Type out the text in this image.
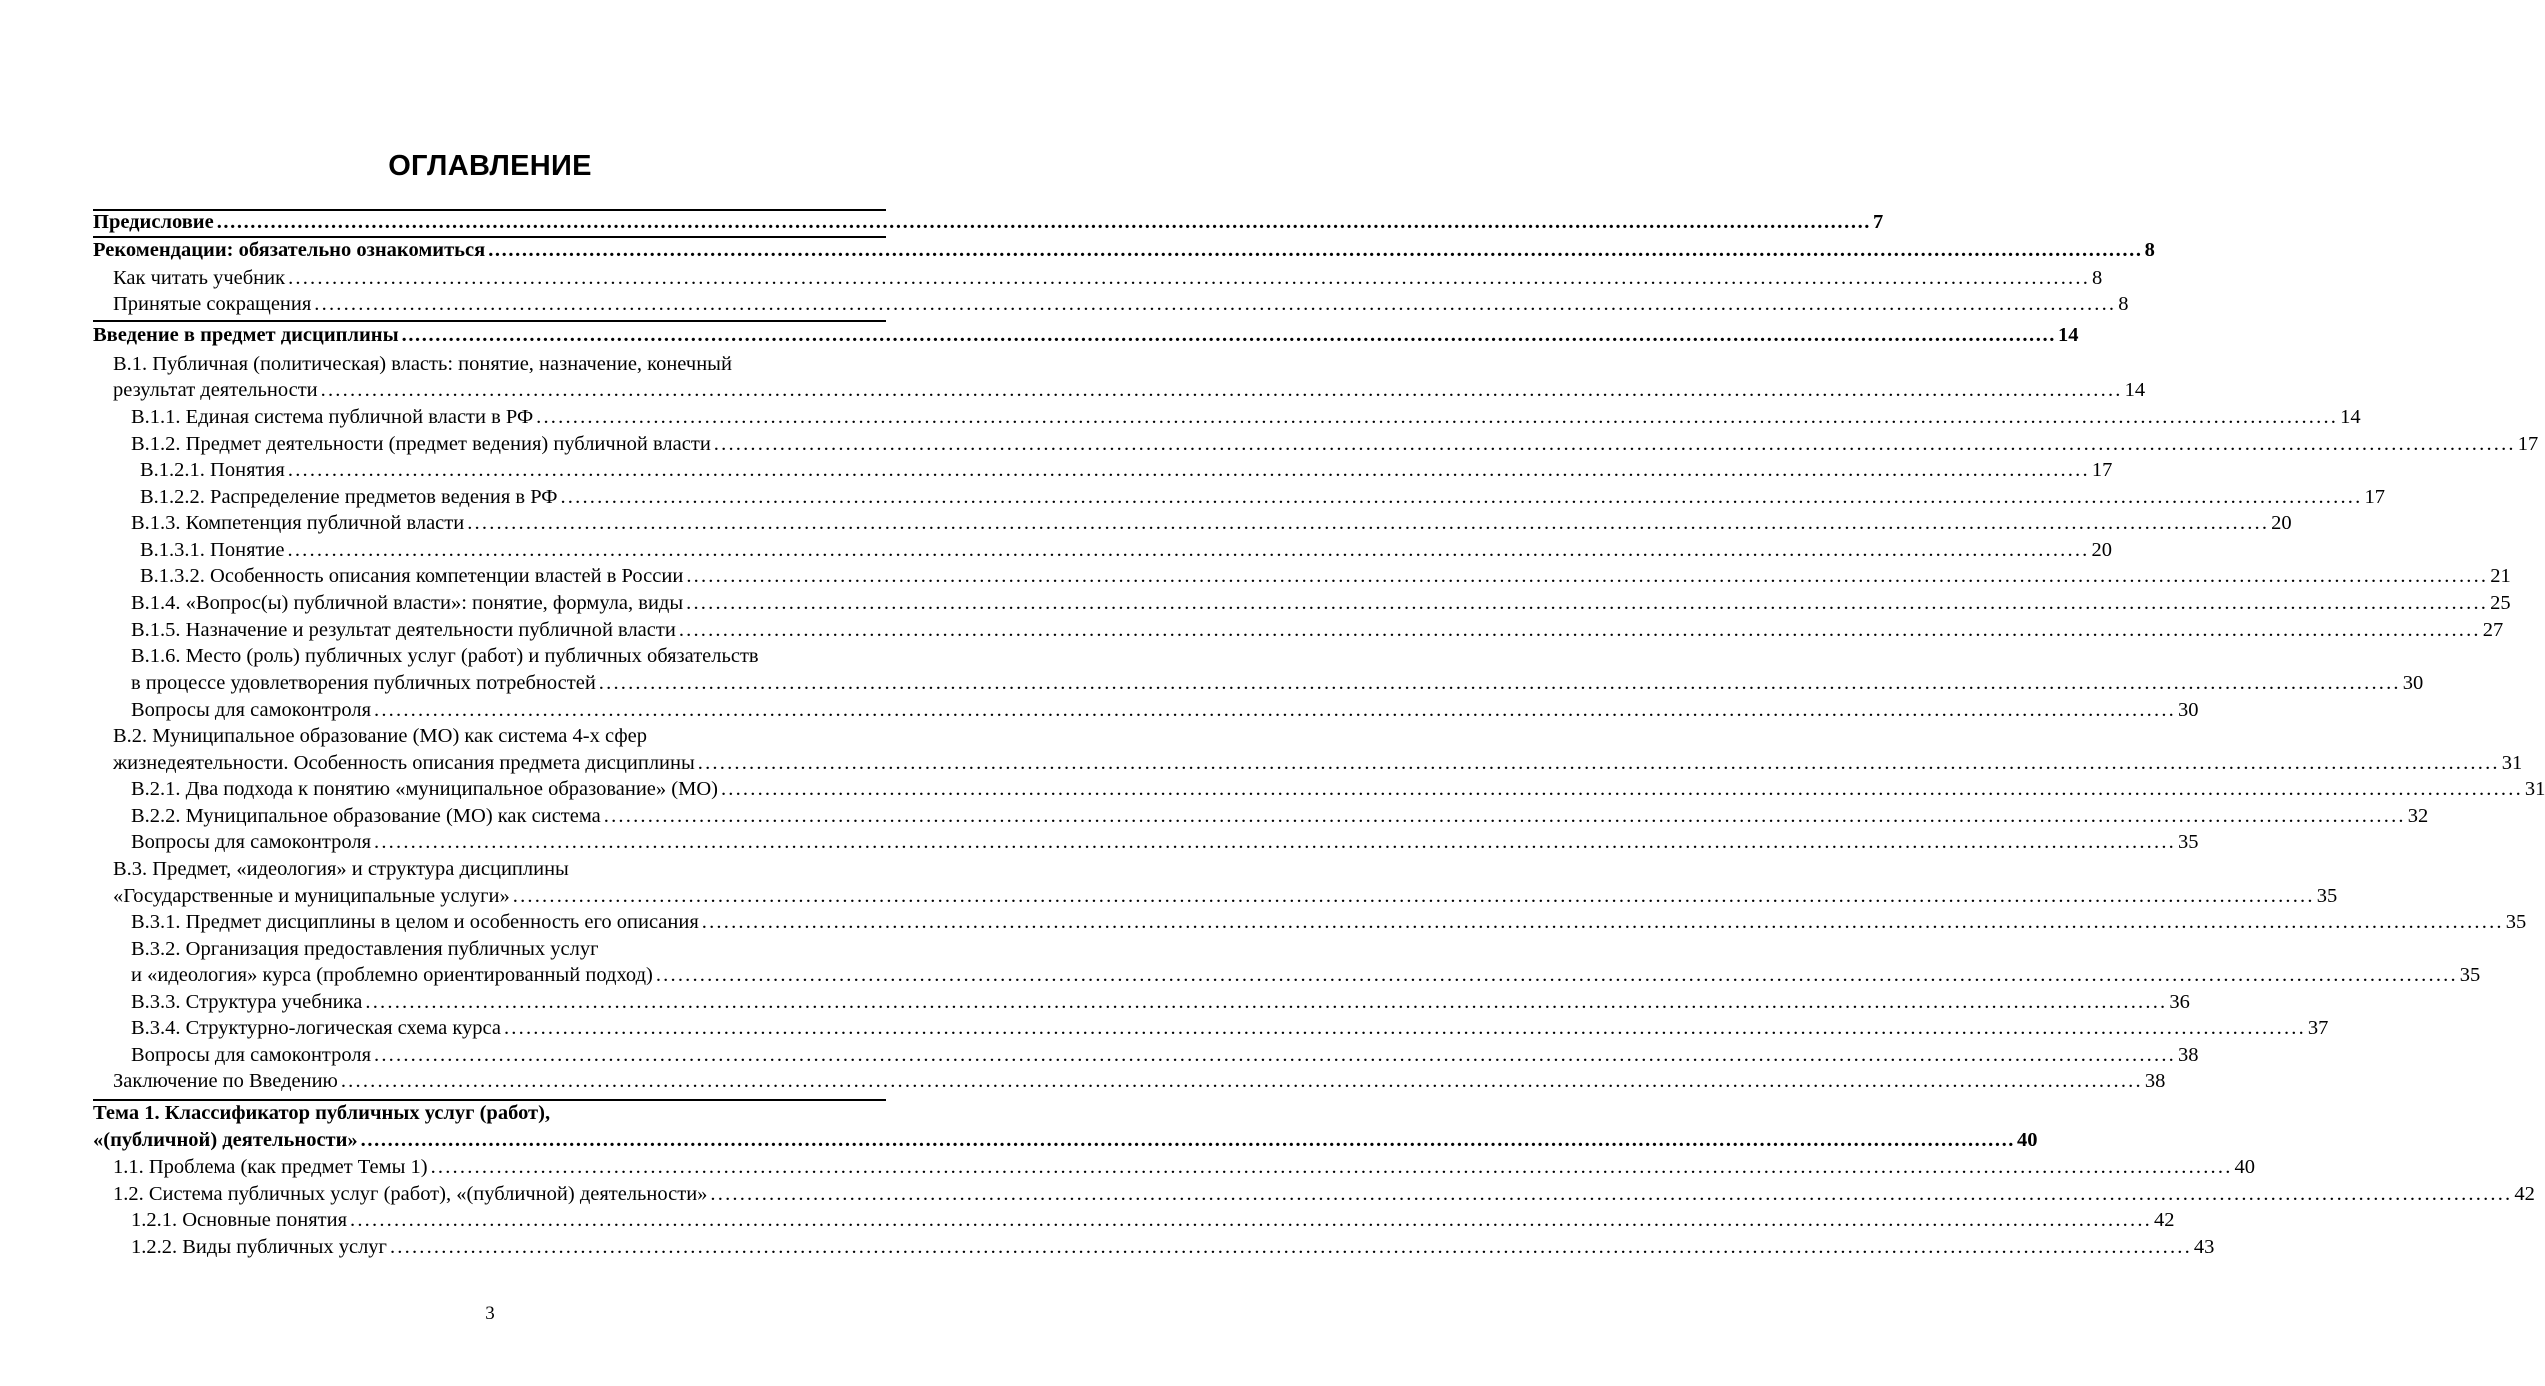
ОГЛАВЛЕНИЕ
Предисловие ...................................................................................................................................................................................................................................................... 7
Рекомендации: обязательно ознакомиться ...................................................................................................................................................................................................................................................... 8
Как читать учебник ...................................................................................................................................................................................................................................................... 8
Принятые сокращения ...................................................................................................................................................................................................................................................... 8
Введение в предмет дисциплины ...................................................................................................................................................................................................................................................... 14
В.1. Публичная (политическая) власть: понятие, назначение, конечный
результат деятельности ...................................................................................................................................................................................................................................................... 14
В.1.1. Единая система публичной власти в РФ ...................................................................................................................................................................................................................................................... 14
В.1.2. Предмет деятельности (предмет ведения) публичной власти ...................................................................................................................................................................................................................................................... 17
В.1.2.1. Понятия ...................................................................................................................................................................................................................................................... 17
В.1.2.2. Распределение предметов ведения в РФ ...................................................................................................................................................................................................................................................... 17
В.1.3. Компетенция публичной власти ...................................................................................................................................................................................................................................................... 20
В.1.3.1. Понятие ...................................................................................................................................................................................................................................................... 20
В.1.3.2. Особенность описания компетенции властей в России ...................................................................................................................................................................................................................................................... 21
В.1.4. «Вопрос(ы) публичной власти»: понятие, формула, виды ...................................................................................................................................................................................................................................................... 25
В.1.5. Назначение и результат деятельности публичной власти ...................................................................................................................................................................................................................................................... 27
В.1.6. Место (роль) публичных услуг (работ) и публичных обязательств
в процессе удовлетворения публичных потребностей ...................................................................................................................................................................................................................................................... 30
Вопросы для самоконтроля ...................................................................................................................................................................................................................................................... 30
В.2. Муниципальное образование (МО) как система 4-х сфер
жизнедеятельности. Особенность описания предмета дисциплины ...................................................................................................................................................................................................................................................... 31
В.2.1. Два подхода к понятию «муниципальное образование» (МО) ...................................................................................................................................................................................................................................................... 31
В.2.2. Муниципальное образование (МО) как система ...................................................................................................................................................................................................................................................... 32
Вопросы для самоконтроля ...................................................................................................................................................................................................................................................... 35
В.3. Предмет, «идеология» и структура дисциплины
«Государственные и муниципальные услуги» ...................................................................................................................................................................................................................................................... 35
В.3.1. Предмет дисциплины в целом и особенность его описания ...................................................................................................................................................................................................................................................... 35
В.3.2. Организация предоставления публичных услуг
и «идеология» курса (проблемно ориентированный подход) ...................................................................................................................................................................................................................................................... 35
В.3.3. Структура учебника ...................................................................................................................................................................................................................................................... 36
В.3.4. Структурно-логическая схема курса ...................................................................................................................................................................................................................................................... 37
Вопросы для самоконтроля ...................................................................................................................................................................................................................................................... 38
Заключение по Введению ...................................................................................................................................................................................................................................................... 38
Тема 1. Классификатор публичных услуг (работ),
«(публичной) деятельности» ...................................................................................................................................................................................................................................................... 40
1.1. Проблема (как предмет Темы 1) ...................................................................................................................................................................................................................................................... 40
1.2. Система публичных услуг (работ), «(публичной) деятельности» ...................................................................................................................................................................................................................................................... 42
1.2.1. Основные понятия ...................................................................................................................................................................................................................................................... 42
1.2.2. Виды публичных услуг ...................................................................................................................................................................................................................................................... 43
3
